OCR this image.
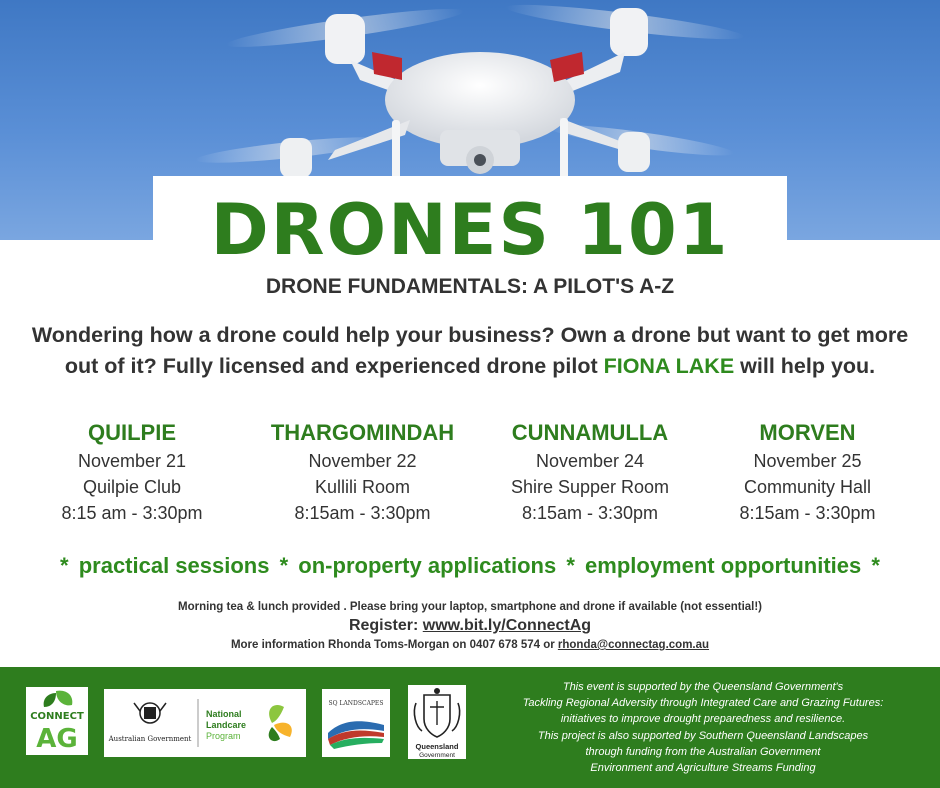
DRONES 101
DRONE FUNDAMENTALS: A PILOT'S A-Z

Wondering how a drone could help your business? Own a drone but want to get more out of it? Fully licensed and experienced drone pilot FIONA LAKE will help you.

QUILPIE
November 21
Quilpie Club
8:15 am - 3:30pm
THARGOMINDAH
November 22
Kullili Room
8:15am - 3:30pm
CUNNAMULLA
November 24
Shire Supper Room
8:15am - 3:30pm
MORVEN
November 25
Community Hall
8:15am - 3:30pm
* practical sessions * on-property applications * employment opportunities *

Morning tea & lunch provided . Please bring your laptop, smartphone and drone if available (not essential!)

Register: www.bit.ly/ConnectAg

More information Rhonda Toms-Morgan on 0407 678 574 or rhonda@connectag.com.au

CONNECT
AG	Australian Government
National
Landcare
Program
SQ LANDSCAPES
Queensland
Government
This event is supported by the Queensland Government's
Tackling Regional Adversity through Integrated Care and Grazing Futures:
initiatives to improve drought preparedness and resilience.
This project is also supported by Southern Queensland Landscapes
through funding from the Australian Government
Environment and Agriculture Streams Funding
